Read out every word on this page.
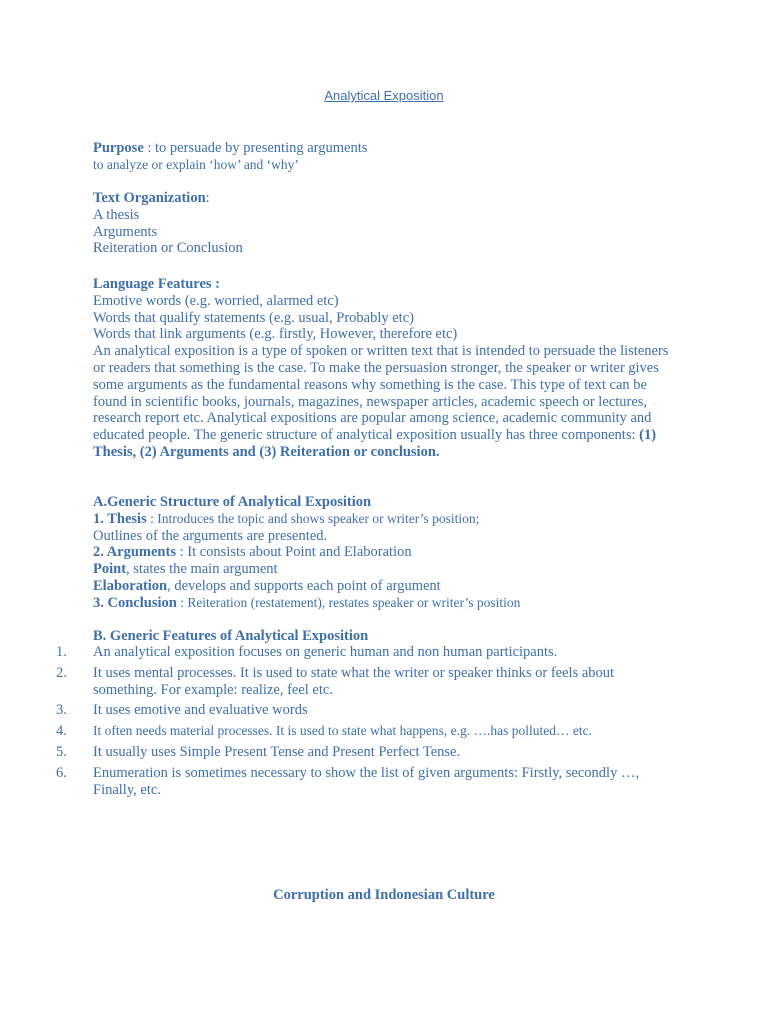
Analytical Exposition
Purpose : to persuade by presenting arguments
to analyze or explain ‘how’ and ‘why’
Text Organization:
A thesis
Arguments
Reiteration or Conclusion
Language Features :
Emotive words (e.g. worried, alarmed etc)
Words that qualify statements (e.g. usual, Probably etc)
Words that link arguments (e.g. firstly, However, therefore etc)
An analytical exposition is a type of spoken or written text that is intended to persuade the listeners or readers that something is the case. To make the persuasion stronger, the speaker or writer gives some arguments as the fundamental reasons why something is the case. This type of text can be found in scientific books, journals, magazines, newspaper articles, academic speech or lectures, research report etc. Analytical expositions are popular among science, academic community and educated people. The generic structure of analytical exposition usually has three components: (1) Thesis, (2) Arguments and (3) Reiteration or conclusion.
A.Generic Structure of Analytical Exposition
1. Thesis : Introduces the topic and shows speaker or writer’s position;
Outlines of the arguments are presented.
2. Arguments : It consists about Point and Elaboration
Point, states the main argument
Elaboration, develops and supports each point of argument
3. Conclusion : Reiteration (restatement), restates speaker or writer’s position
B. Generic Features of Analytical Exposition
1. An analytical exposition focuses on generic human and non human participants.
2. It uses mental processes. It is used to state what the writer or speaker thinks or feels about something. For example: realize, feel etc.
3. It uses emotive and evaluative words
4. It often needs material processes. It is used to state what happens, e.g. ….has polluted… etc.
5. It usually uses Simple Present Tense and Present Perfect Tense.
6. Enumeration is sometimes necessary to show the list of given arguments: Firstly, secondly …, Finally, etc.
Corruption and Indonesian Culture
